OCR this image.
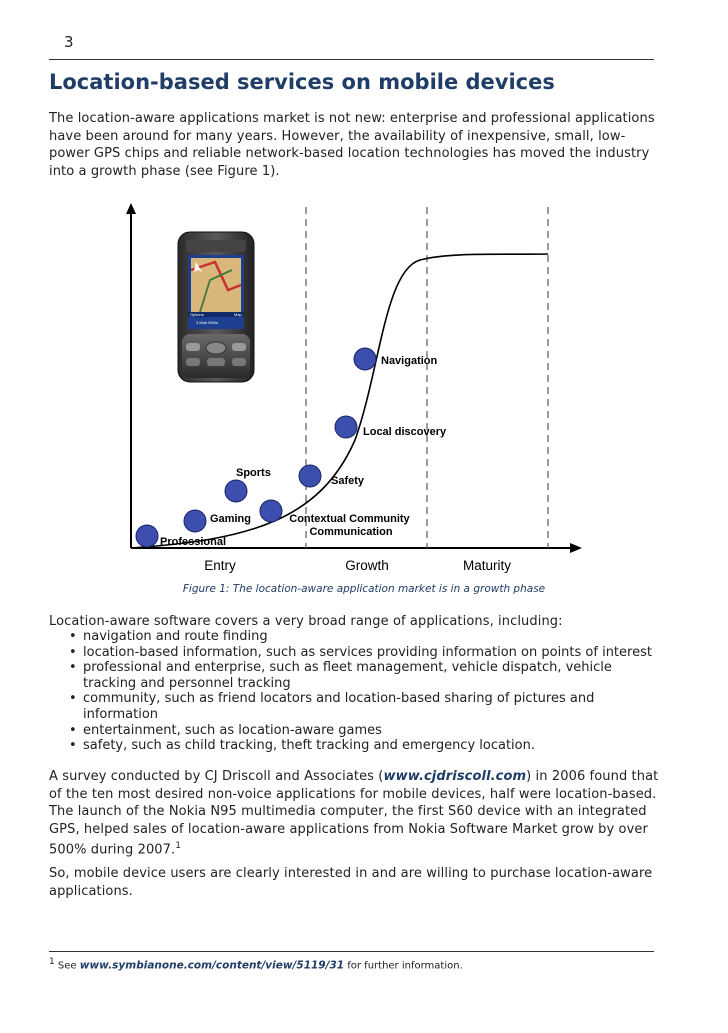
3
Location-based services on mobile devices
The location-aware applications market is not new: enterprise and professional applications have been around for many years. However, the availability of inexpensive, small, low-power GPS chips and reliable network-based location technologies has moved the industry into a growth phase (see Figure 1).
Options	Map
3 Mob 500m
Professional
Gaming
Sports
Contextual Community Communication
Safety
Local discovery
Navigation
Entry	Growth	Maturity
Figure 1: The location-aware application market is in a growth phase
Location-aware software covers a very broad range of applications, including:
• navigation and route finding
• location-based information, such as services providing information on points of interest
• professional and enterprise, such as fleet management, vehicle dispatch, vehicle tracking and personnel tracking
• community, such as friend locators and location-based sharing of pictures and information
• entertainment, such as location-aware games
• safety, such as child tracking, theft tracking and emergency location.
A survey conducted by CJ Driscoll and Associates (www.cjdriscoll.com) in 2006 found that of the ten most desired non-voice applications for mobile devices, half were location-based. The launch of the Nokia N95 multimedia computer, the first S60 device with an integrated GPS, helped sales of location-aware applications from Nokia Software Market grow by over 500% during 2007.$^1$
So, mobile device users are clearly interested in and are willing to purchase location-aware applications.
$^1$ See www.symbianone.com/content/view/5119/31 for further information.
